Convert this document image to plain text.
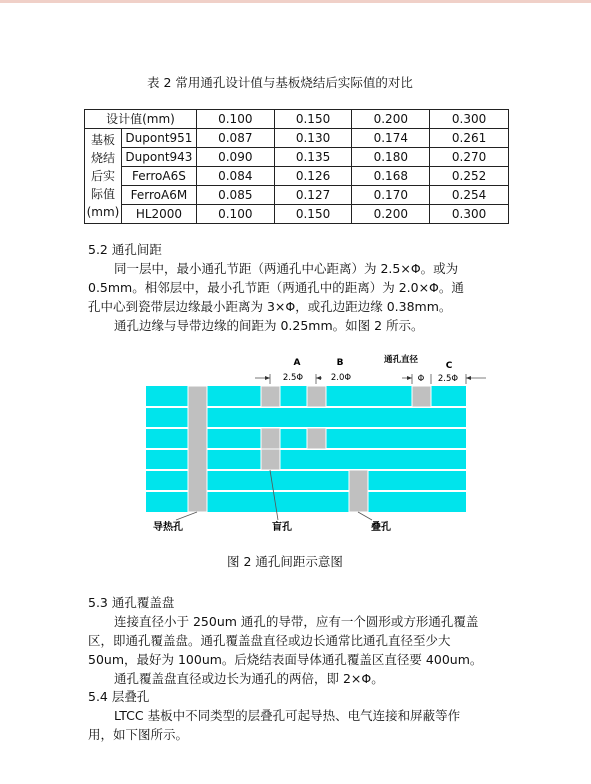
表 2 常用通孔设计值与基板烧结后实际值的对比
设计值(mm)		0.100	0.150	0.200	0.300

基板
烧结
后实
际值
(mm)	Dupont951	0.087	0.130	0.174	0.261
	Dupont943	0.090	0.135	0.180	0.270
	FerroA6S	0.084	0.126	0.168	0.252
	FerroA6M	0.085	0.127	0.170	0.254
	HL2000	0.100	0.150	0.200	0.300
5.2 通孔间距

同一层中，最小通孔节距（两通孔中心距离）为 2.5×Φ。或为

0.5mm。相邻层中，最小孔节距（两通孔中的距离）为 2.0×Φ。通

孔中心到瓷带层边缘最小距离为 3×Φ，或孔边距边缘 0.38mm。

通孔边缘与导带边缘的间距为 0.25mm。如图 2 所示。

A	B	通孔直径
C
2.5Φ	2.0Φ	Φ 2.5Φ
导热孔	盲孔	叠孔
图 2 通孔间距示意图
5.3 通孔覆盖盘

连接直径小于 250um 通孔的导带，应有一个圆形或方形通孔覆盖

区，即通孔覆盖盘。通孔覆盖盘直径或边长通常比通孔直径至少大

50um，最好为 100um。后烧结表面导体通孔覆盖区直径要 400um。

通孔覆盖盘直径或边长为通孔的两倍，即 2×Φ。

5.4 层叠孔

LTCC 基板中不同类型的层叠孔可起导热、电气连接和屏蔽等作

用，如下图所示。
